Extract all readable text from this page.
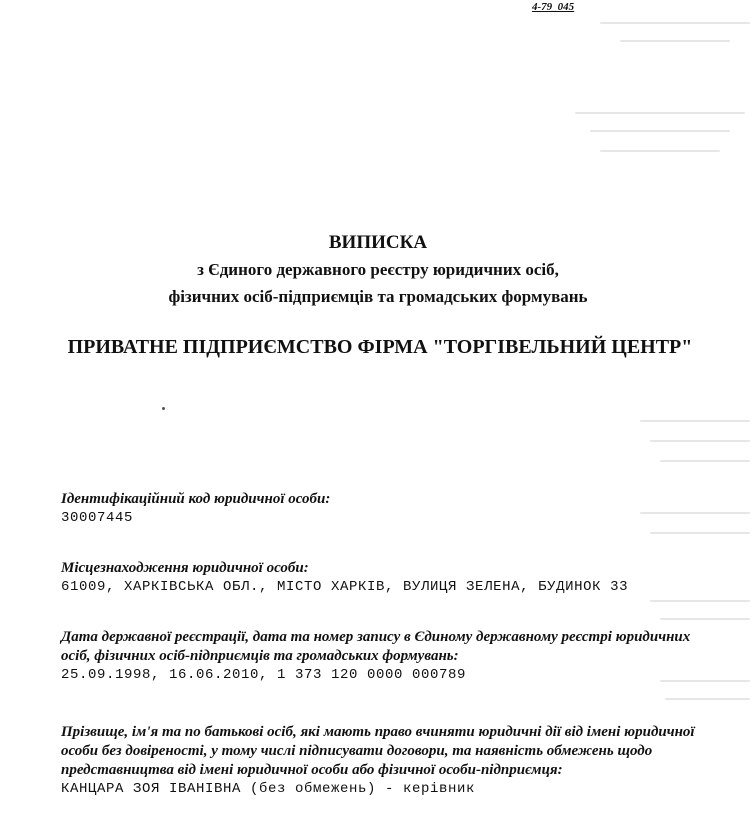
4-79_045
ВИПИСКА
з Єдиного державного реєстру юридичних осіб,
фізичних осіб-підприємців та громадських формувань
ПРИВАТНЕ ПІДПРИЄМСТВО ФІРМА "ТОРГІВЕЛЬНИЙ ЦЕНТР"
Ідентифікаційний код юридичної особи:
30007445
Місцезнаходження юридичної особи:
61009, ХАРКІВСЬКА ОБЛ., МІСТО ХАРКІВ, ВУЛИЦЯ ЗЕЛЕНА, БУДИНОК 33
Дата державної реєстрації, дата та номер запису в Єдиному державному реєстрі юридичних осіб, фізичних осіб-підприємців та громадських формувань:
25.09.1998, 16.06.2010, 1 373 120 0000 000789
Прізвище, ім'я та по батькові осіб, які мають право вчиняти юридичні дії від імені юридичної особи без довіреності, у тому числі підписувати договори, та наявність обмежень щодо представництва від імені юридичної особи або фізичної особи-підприємця:
КАНЦАРА ЗОЯ ІВАНІВНА (без обмежень) - керівник
